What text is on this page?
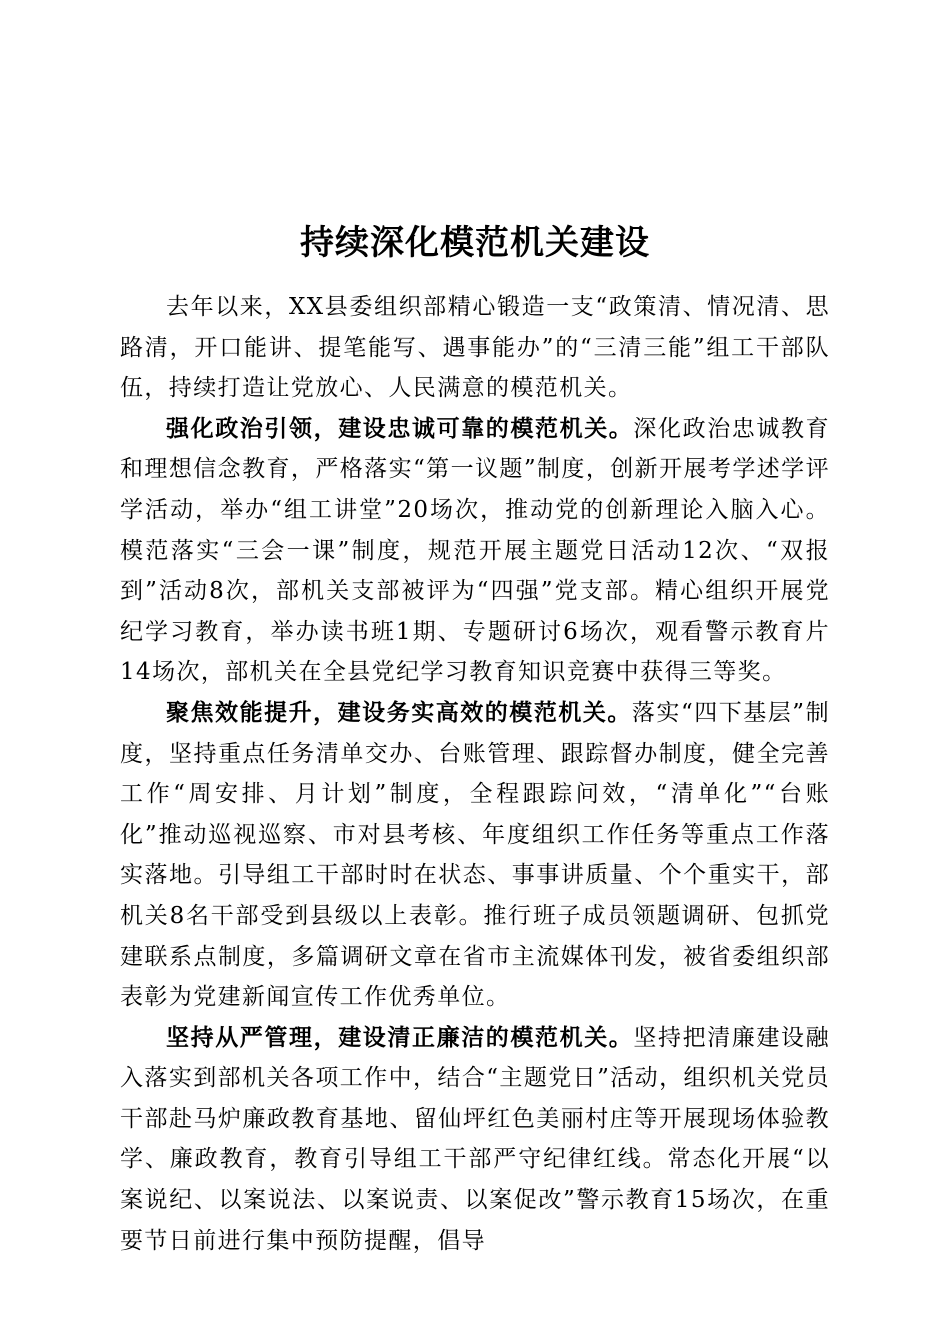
持续深化模范机关建设

去年以来，XX县委组织部精心锻造一支“政策清、情况清、思路清，开口能讲、提笔能写、遇事能办”的“三清三能”组工干部队伍，持续打造让党放心、人民满意的模范机关。

强化政治引领，建设忠诚可靠的模范机关。深化政治忠诚教育和理想信念教育，严格落实“第一议题”制度，创新开展考学述学评学活动，举办“组工讲堂”20场次，推动党的创新理论入脑入心。模范落实“三会一课”制度，规范开展主题党日活动12次、“双报到”活动8次，部机关支部被评为“四强”党支部。精心组织开展党纪学习教育，举办读书班1期、专题研讨6场次，观看警示教育片14场次，部机关在全县党纪学习教育知识竞赛中获得三等奖。

聚焦效能提升，建设务实高效的模范机关。落实“四下基层”制度，坚持重点任务清单交办、台账管理、跟踪督办制度，健全完善工作“周安排、月计划”制度，全程跟踪问效，“清单化”“台账化”推动巡视巡察、市对县考核、年度组织工作任务等重点工作落实落地。引导组工干部时时在状态、事事讲质量、个个重实干，部机关8名干部受到县级以上表彰。推行班子成员领题调研、包抓党建联系点制度，多篇调研文章在省市主流媒体刊发，被省委组织部表彰为党建新闻宣传工作优秀单位。

坚持从严管理，建设清正廉洁的模范机关。坚持把清廉建设融入落实到部机关各项工作中，结合“主题党日”活动，组织机关党员干部赴马炉廉政教育基地、留仙坪红色美丽村庄等开展现场体验教学、廉政教育，教育引导组工干部严守纪律红线。常态化开展“以案说纪、以案说法、以案说责、以案促改”警示教育15场次，在重要节日前进行集中预防提醒，倡导
